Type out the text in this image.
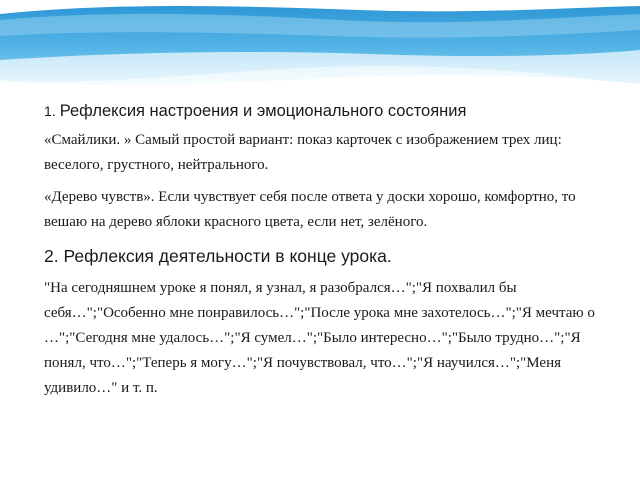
1. Рефлексия настроения и эмоционального состояния

«Смайлики. » Самый простой вариант: показ карточек с изображением трех лиц: веселого, грустного, нейтрального.

«Дерево чувств». Если чувствует себя после ответа у доски хорошо, комфортно, то вешаю на дерево яблоки красного цвета, если нет, зелёного.

2. Рефлексия деятельности в конце урока.

"На сегодняшнем уроке я понял, я узнал, я разобрался…";"Я похвалил бы себя…";"Особенно мне понравилось…";"После урока мне захотелось…";"Я мечтаю о …";"Сегодня мне удалось…";"Я сумел…";"Было интересно…";"Было трудно…";"Я понял, что…";"Теперь я могу…";"Я почувствовал, что…";"Я научился…";"Меня удивило…" и т. п.
